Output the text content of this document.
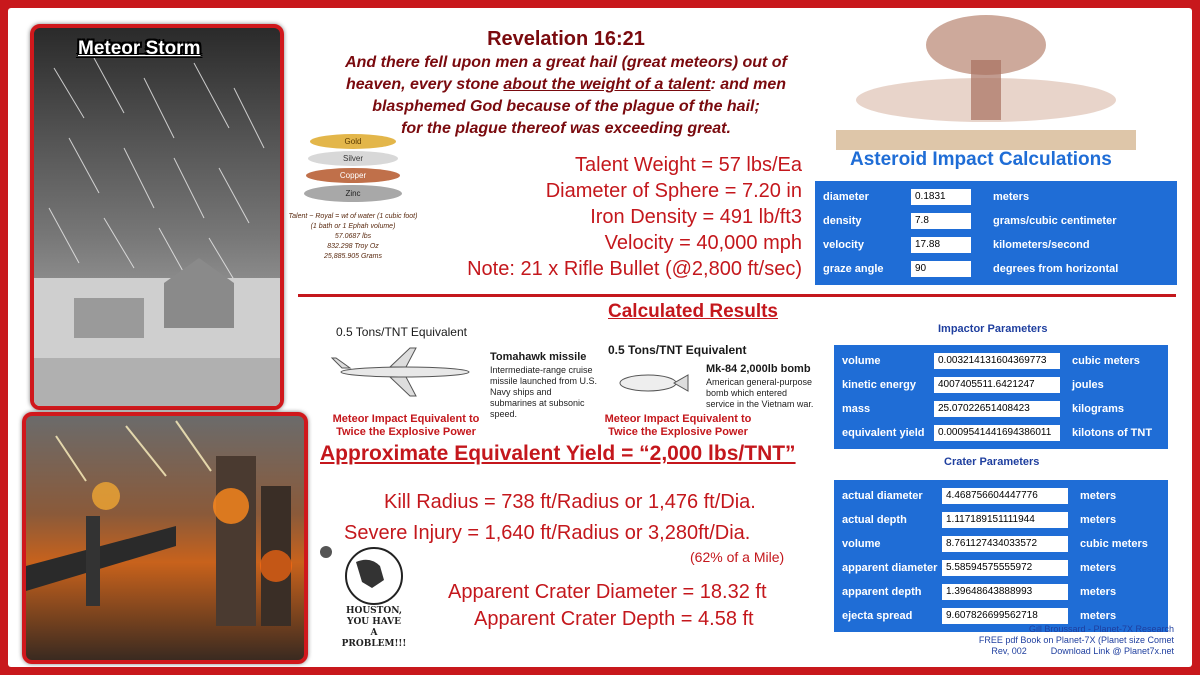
Meteor Storm	Revelation 16:21
And there fell upon men a great hail (great meteors) out of
heaven, every stone about the weight of a talent: and men
blasphemed God because of the plague of the hail;
for the plague thereof was exceeding great.
Gold
Silver
Copper
Zinc
Talent ~ Royal = wt of water (1 cubic foot)
(1 bath or 1 Ephah volume)
57.0687 lbs
832.298 Troy Oz
25,885.905 Grams
Talent Weight = 57 lbs/Ea
Diameter of Sphere = 7.20 in
Iron Density = 491 lb/ft3
Velocity = 40,000 mph
Note: 21 x Rifle Bullet (@2,800 ft/sec)
Asteroid Impact Calculations
diameter	0.1831	meters
density	7.8	grams/cubic centimeter
velocity	17.88	kilometers/second
graze angle	90	degrees from horizontal
Calculated Results
0.5 Tons/TNT Equivalent
Tomahawk missile
Intermediate-range cruise missile launched from U.S. Navy ships and submarines at subsonic speed.
Meteor Impact Equivalent to
Twice the Explosive Power
0.5 Tons/TNT Equivalent
Mk-84 2,000lb bomb
American general-purpose bomb which entered service in the Vietnam war.
Meteor Impact Equivalent to
Twice the Explosive Power
Approximate Equivalent Yield = “2,000 lbs/TNT”
Kill Radius = 738 ft/Radius or 1,476 ft/Dia.
Severe Injury = 1,640 ft/Radius or 3,280ft/Dia.
(62% of a Mile)
Apparent Crater Diameter = 18.32 ft
Apparent Crater Depth = 4.58 ft
HOUSTON,
YOU HAVE
A
PROBLEM!!!
Impactor Parameters
volume	0.003214131604369773	cubic meters
kinetic energy	4007405511.6421247	joules
mass	25.07022651408423	kilograms
equivalent yield	0.0009541441694386011	kilotons of TNT
Crater Parameters
actual diameter	4.468756604447776	meters
actual depth	1.117189151111944	meters
volume	8.761127434033572	cubic meters
apparent diameter 5.58594575555972	meters
apparent depth	1.39648643888993	meters
ejecta spread	9.607826699562718	meters
Gill Broussard - Planet-7X Research
FREE pdf Book on Planet-7X (Planet size Comet
Rev, 002	Download Link @ Planet7x.net
